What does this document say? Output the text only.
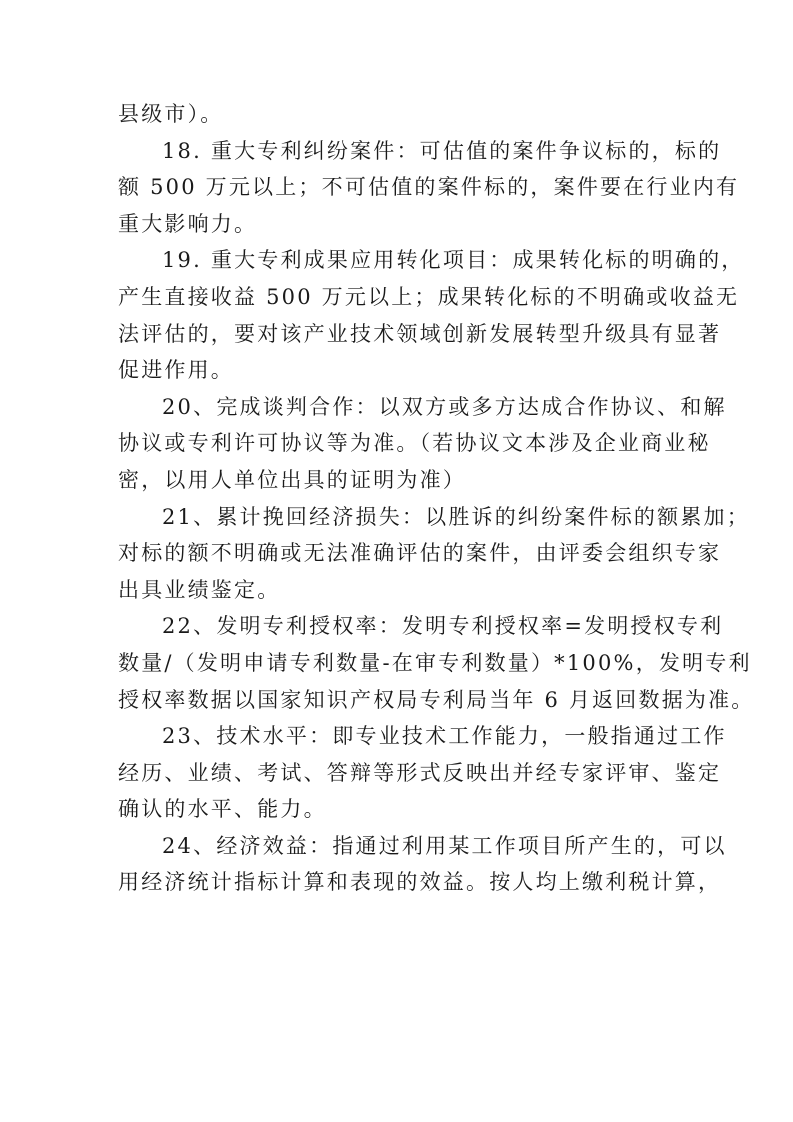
县级市）。

18. 重大专利纠纷案件：可估值的案件争议标的，标的
额 500 万元以上；不可估值的案件标的，案件要在行业内有
重大影响力。

19. 重大专利成果应用转化项目：成果转化标的明确的，
产生直接收益 500 万元以上；成果转化标的不明确或收益无
法评估的，要对该产业技术领域创新发展转型升级具有显著
促进作用。

20、完成谈判合作：以双方或多方达成合作协议、和解
协议或专利许可协议等为准。（若协议文本涉及企业商业秘
密，以用人单位出具的证明为准）

21、累计挽回经济损失：以胜诉的纠纷案件标的额累加；
对标的额不明确或无法准确评估的案件，由评委会组织专家
出具业绩鉴定。

22、发明专利授权率：发明专利授权率=发明授权专利
数量/（发明申请专利数量-在审专利数量）*100%，发明专利
授权率数据以国家知识产权局专利局当年 6 月返回数据为准。

23、技术水平：即专业技术工作能力，一般指通过工作
经历、业绩、考试、答辩等形式反映出并经专家评审、鉴定
确认的水平、能力。

24、经济效益：指通过利用某工作项目所产生的，可以
用经济统计指标计算和表现的效益。按人均上缴利税计算，
